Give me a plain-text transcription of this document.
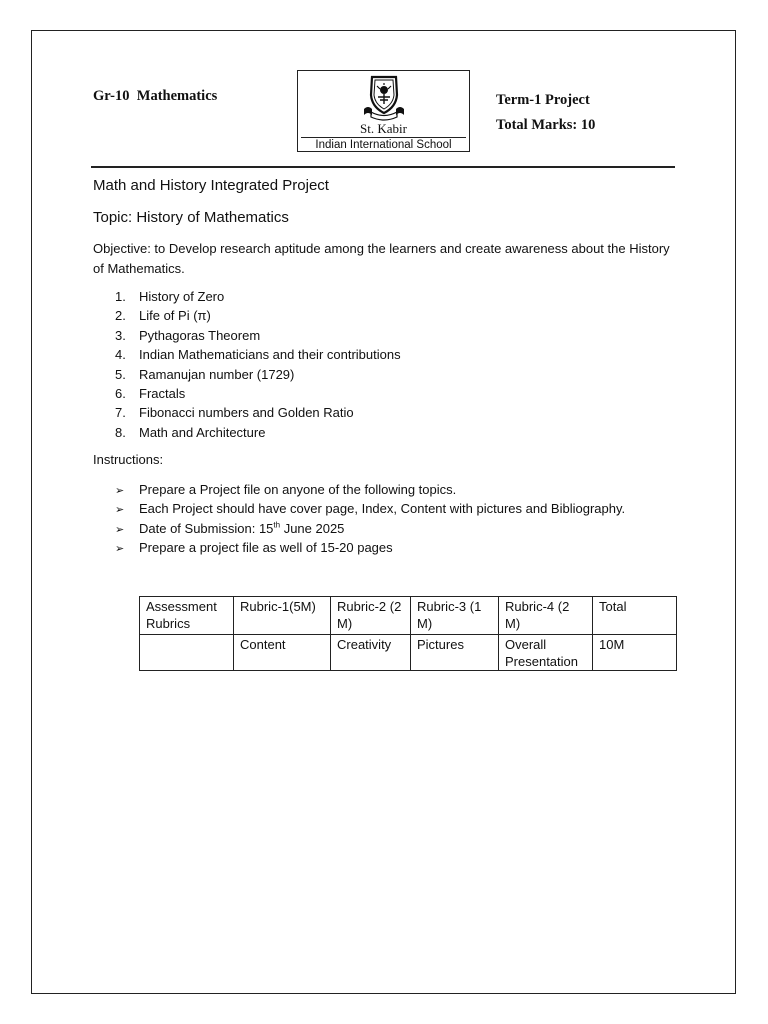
Gr-10  Mathematics
St. Kabir
Indian International School
Term-1 Project
Total Marks: 10
Math and History Integrated Project
Topic: History of Mathematics
Objective: to Develop research aptitude among the learners and create awareness about the History of Mathematics.
1. History of Zero
2. Life of Pi (π)
3. Pythagoras Theorem
4. Indian Mathematicians and their contributions
5. Ramanujan number (1729)
6. Fractals
7. Fibonacci numbers and Golden Ratio
8. Math and Architecture
Instructions:
➢ Prepare a Project file on anyone of the following topics.
➢ Each Project should have cover page, Index, Content with pictures and Bibliography.
➢ Date of Submission: 15th June 2025
➢ Prepare a project file as well of 15-20 pages
Assessment Rubrics	Rubric-1(5M)	Rubric-2 (2 M)	Rubric-3 (1 M)	Rubric-4 (2 M)	Total
	Content	Creativity	Pictures	Overall Presentation	10M
